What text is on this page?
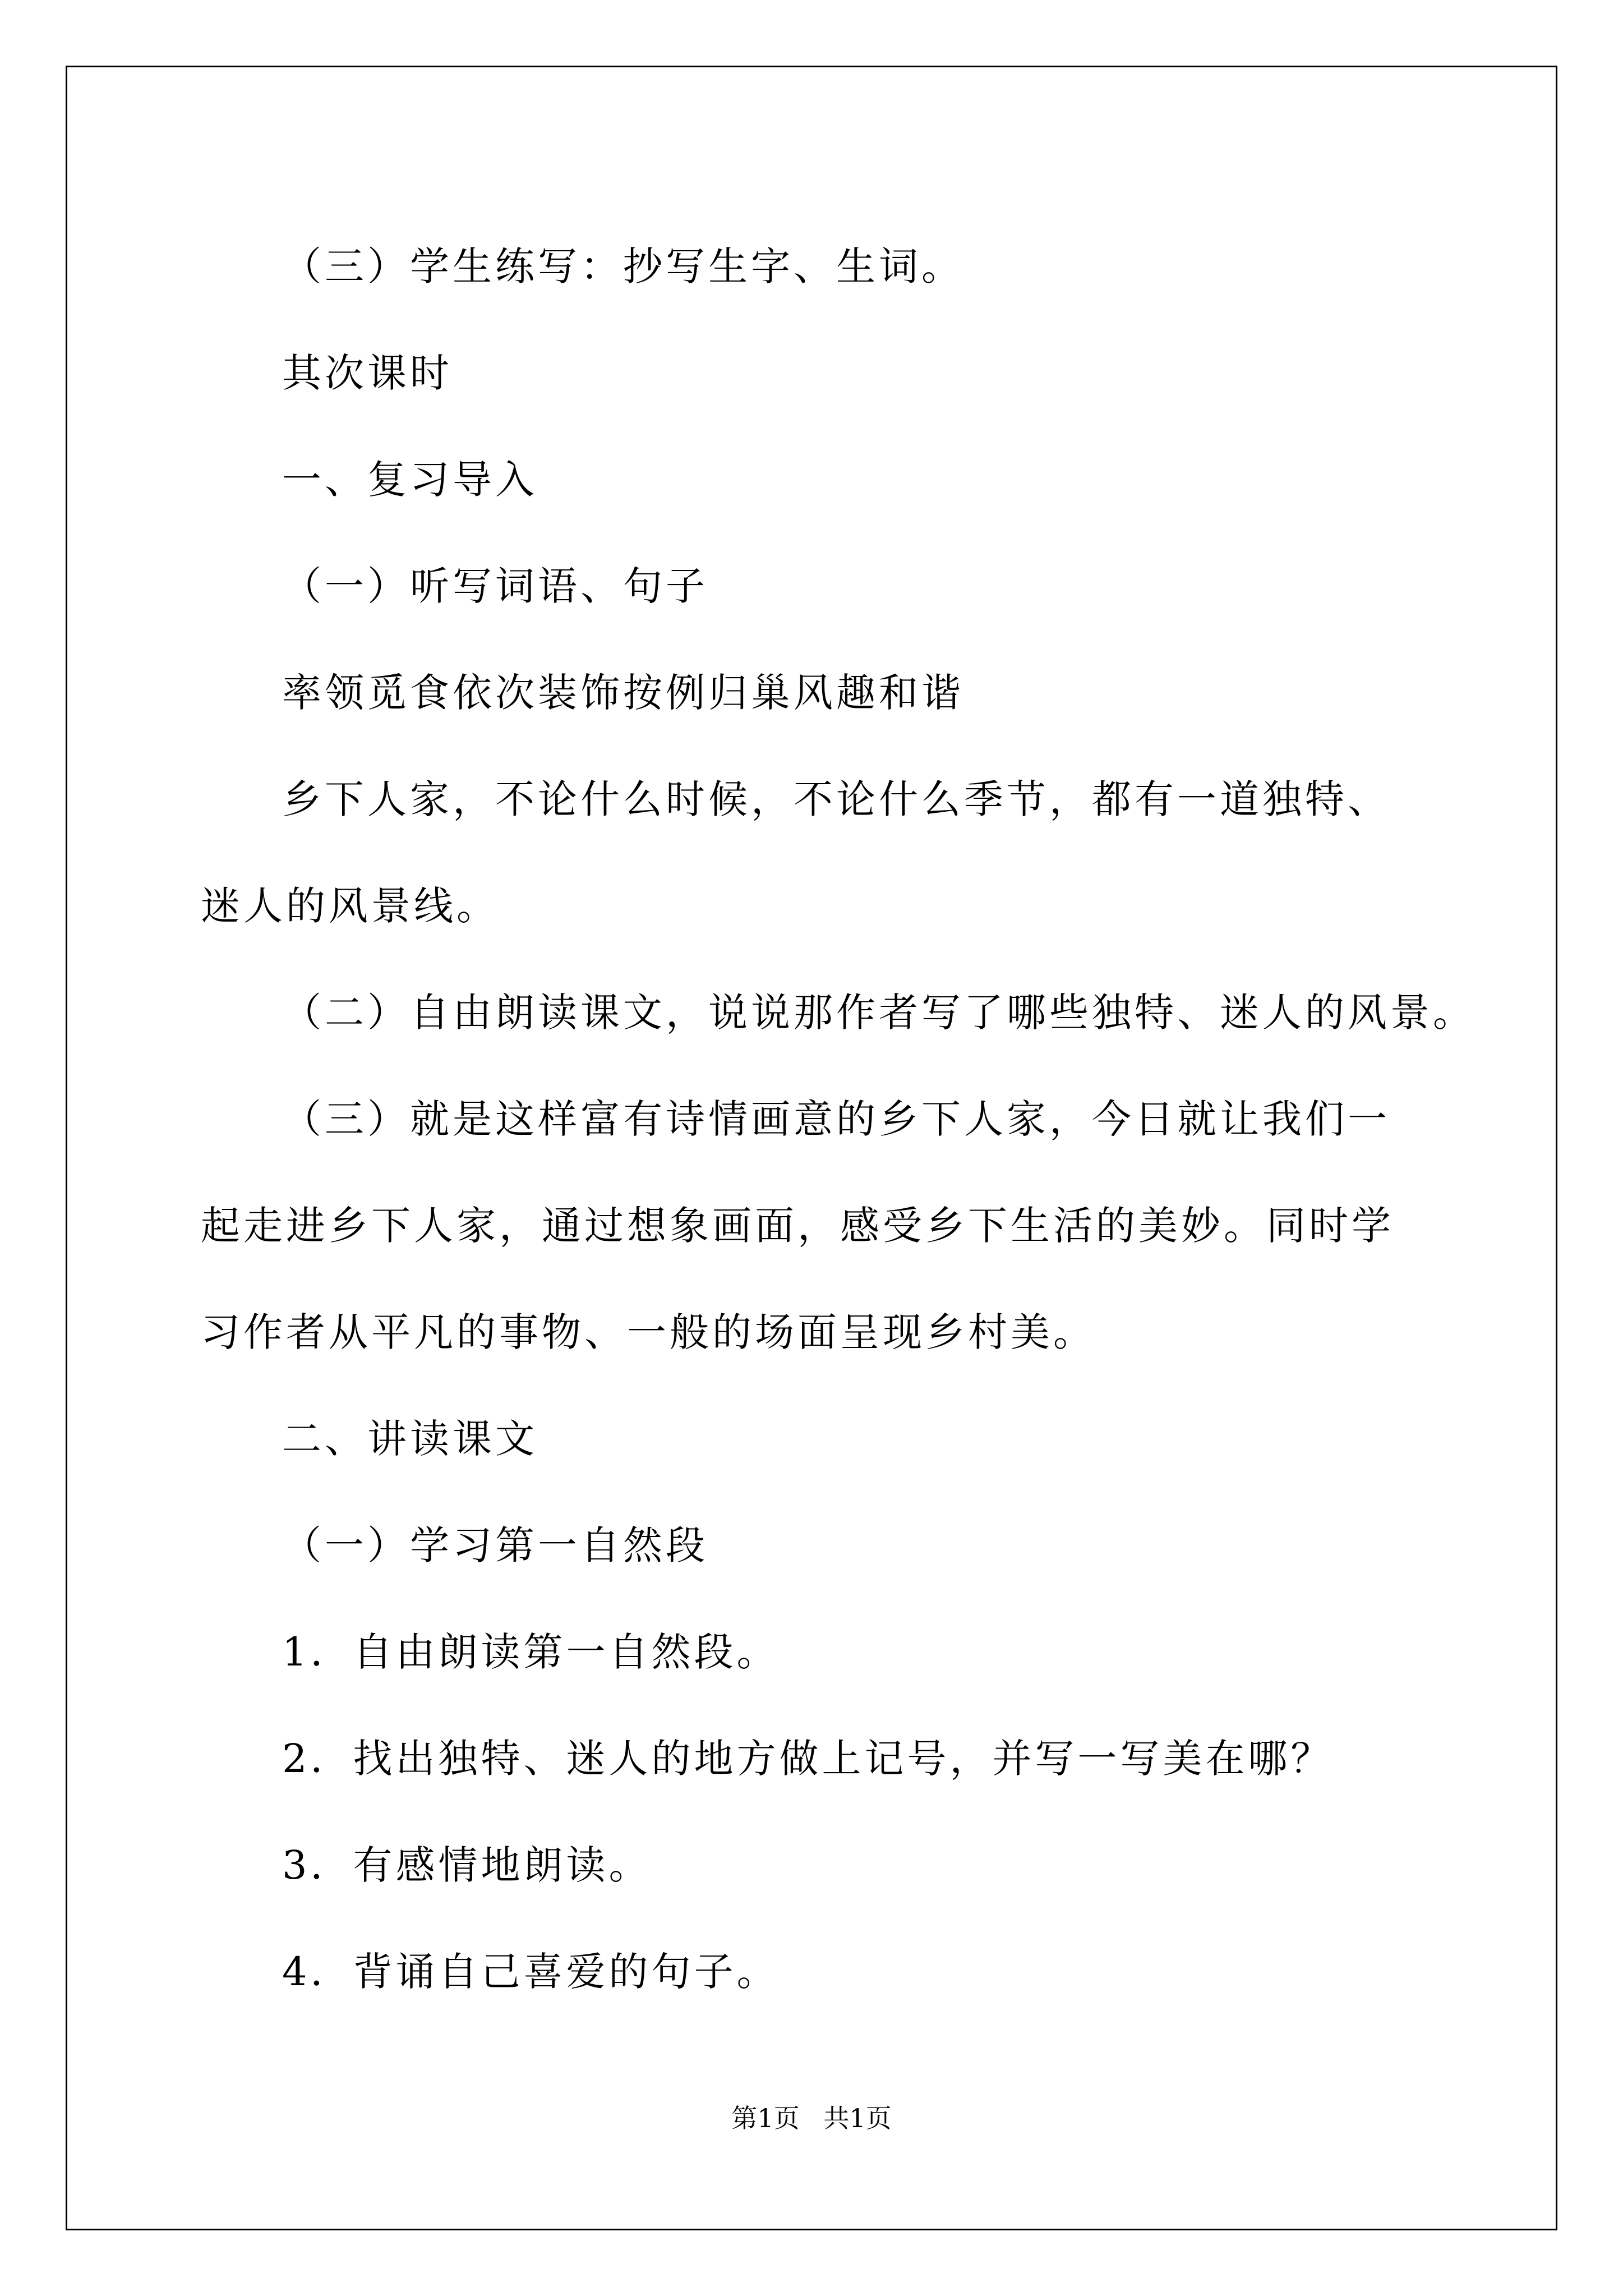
（三）学生练写：抄写生字、生词。

其次课时

一、复习导入

（一）听写词语、句子

率领觅食依次装饰按例归巢风趣和谐

乡下人家，不论什么时候，不论什么季节，都有一道独特、迷人的风景线。

（二）自由朗读课文，说说那作者写了哪些独特、迷人的风景。

（三）就是这样富有诗情画意的乡下人家，今日就让我们一起走进乡下人家，通过想象画面，感受乡下生活的美妙。同时学习作者从平凡的事物、一般的场面呈现乡村美。

二、讲读课文

（一）学习第一自然段

1．自由朗读第一自然段。

2．找出独特、迷人的地方做上记号，并写一写美在哪？

3．有感情地朗读。

4．背诵自己喜爱的句子。

第1页 共1页
